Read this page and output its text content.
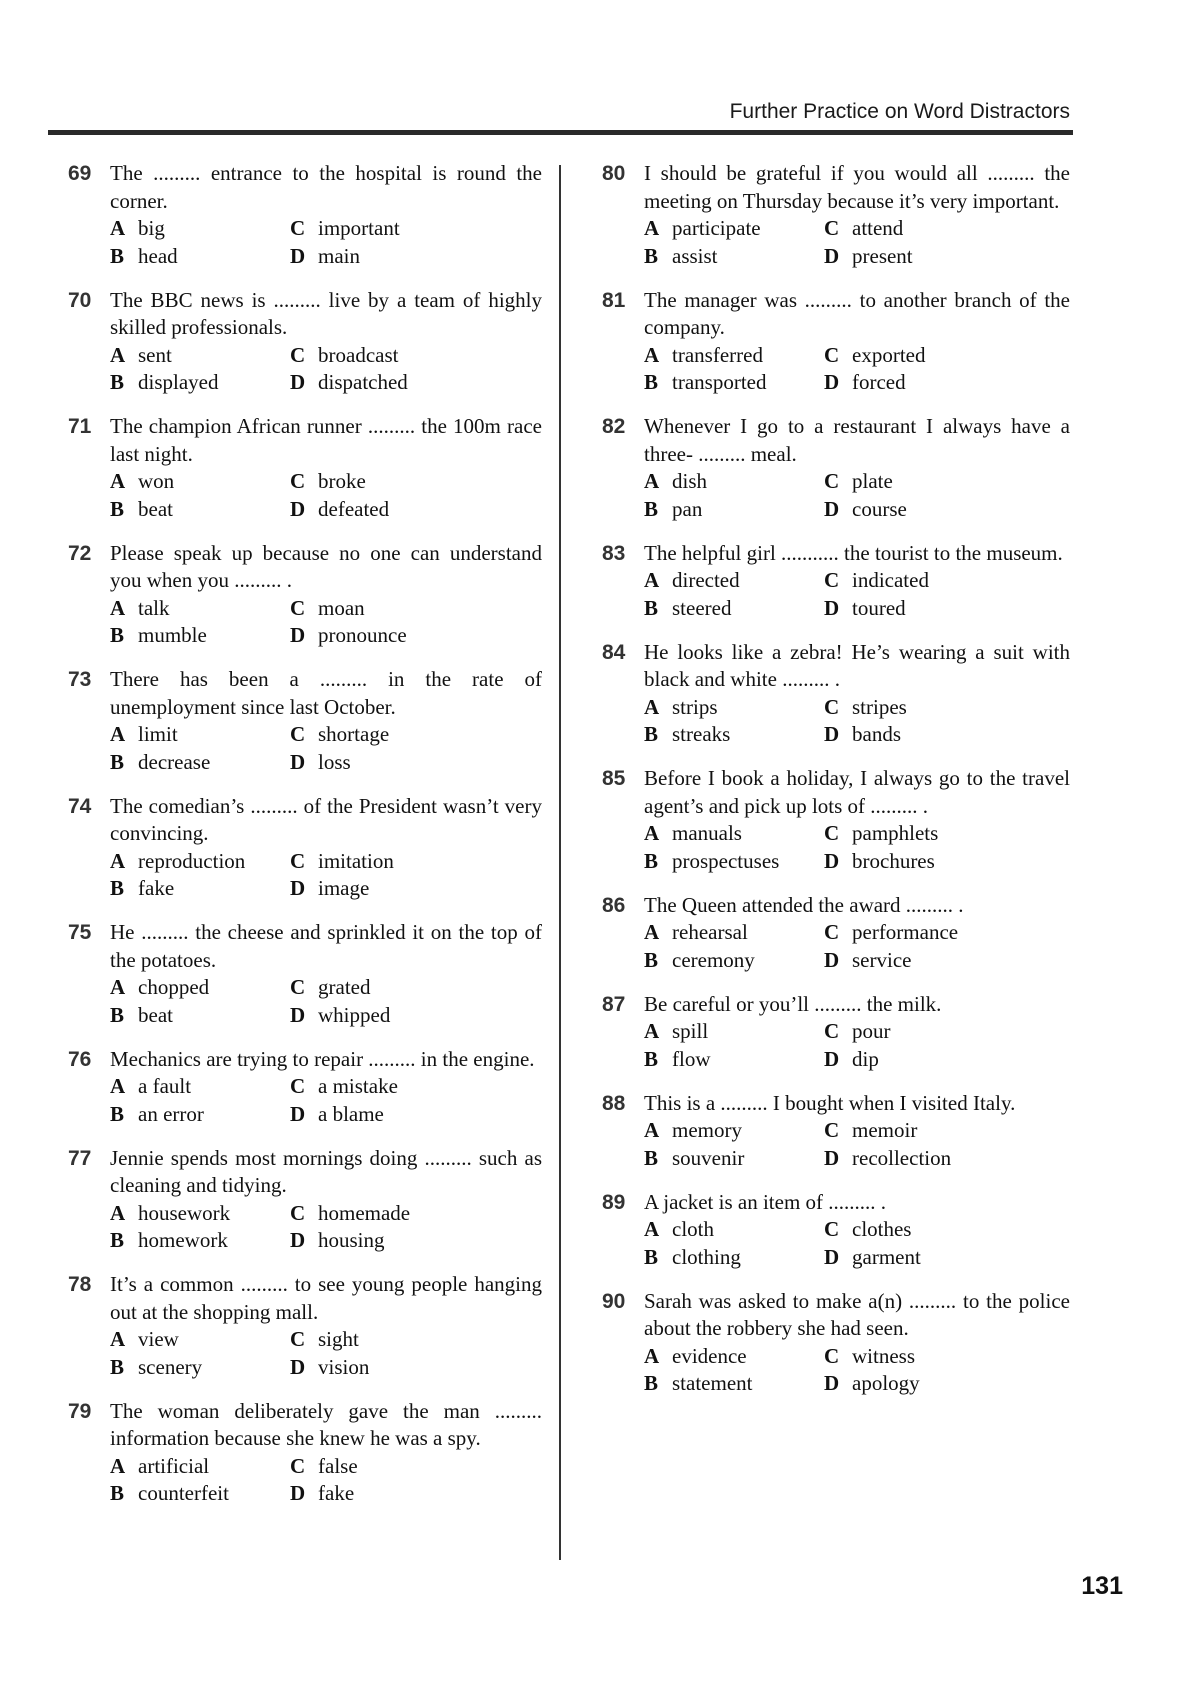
Further Practice on Word Distractors
69 The ......... entrance to the hospital is round the corner.
A big	C important
B head	D main
70 The BBC news is ......... live by a team of highly skilled professionals.
A sent	C broadcast
B displayed	D dispatched
71 The champion African runner ......... the 100m race last night.
A won	C broke
B beat	D defeated
72 Please speak up because no one can understand you when you ......... .
A talk	C moan
B mumble	D pronounce
73 There has been a ......... in the rate of unemployment since last October.
A limit	C shortage
B decrease	D loss
74 The comedian’s ......... of the President wasn’t very convincing.
A reproduction	C imitation
B fake	D image
75 He ......... the cheese and sprinkled it on the top of the potatoes.
A chopped	C grated
B beat	D whipped
76 Mechanics are trying to repair ......... in the engine.
A a fault	C a mistake
B an error	D a blame
77 Jennie spends most mornings doing ......... such as cleaning and tidying.
A housework	C homemade
B homework	D housing
78 It’s a common ......... to see young people hanging out at the shopping mall.
A view	C sight
B scenery	D vision
79 The woman deliberately gave the man ......... information because she knew he was a spy.
A artificial	C false
B counterfeit	D fake
80 I should be grateful if you would all ......... the meeting on Thursday because it’s very important.
A participate	C attend
B assist	D present
81 The manager was ......... to another branch of the company.
A transferred	C exported
B transported	D forced
82 Whenever I go to a restaurant I always have a three- ......... meal.
A dish	C plate
B pan	D course
83 The helpful girl ........... the tourist to the museum.
A directed	C indicated
B steered	D toured
84 He looks like a zebra! He’s wearing a suit with black and white ......... .
A strips	C stripes
B streaks	D bands
85 Before I book a holiday, I always go to the travel agent’s and pick up lots of ......... .
A manuals	C pamphlets
B prospectuses	D brochures
86 The Queen attended the award ......... .
A rehearsal	C performance
B ceremony	D service
87 Be careful or you’ll ......... the milk.
A spill	C pour
B flow	D dip
88 This is a ......... I bought when I visited Italy.
A memory	C memoir
B souvenir	D recollection
89 A jacket is an item of ......... .
A cloth	C clothes
B clothing	D garment
90 Sarah was asked to make a(n) ......... to the police about the robbery she had seen.
A evidence	C witness
B statement	D apology
131
